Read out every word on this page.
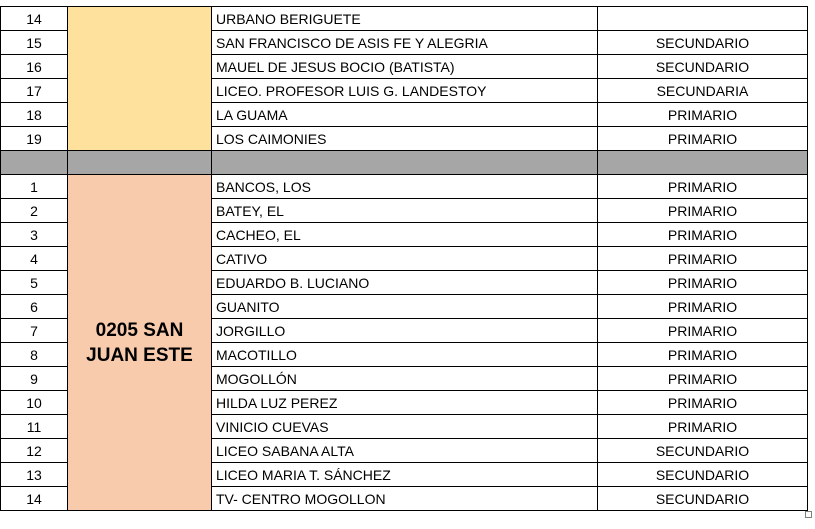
14		URBANO BERIGUETE	
15		SAN FRANCISCO DE ASIS FE Y ALEGRIA	SECUNDARIO
16		MAUEL DE JESUS BOCIO (BATISTA)	SECUNDARIO
17		LICEO. PROFESOR LUIS G. LANDESTOY	SECUNDARIA
18		LA GUAMA	PRIMARIO
19		LOS CAIMONIES	PRIMARIO

1	0205 SAN JUAN ESTE	BANCOS, LOS	PRIMARIO
2		BATEY, EL	PRIMARIO
3		CACHEO, EL	PRIMARIO
4		CATIVO	PRIMARIO
5		EDUARDO B. LUCIANO	PRIMARIO
6		GUANITO	PRIMARIO
7		JORGILLO	PRIMARIO
8		MACOTILLO	PRIMARIO
9		MOGOLLÓN	PRIMARIO
10		HILDA LUZ PEREZ	PRIMARIO
11		VINICIO CUEVAS	PRIMARIO
12		LICEO SABANA ALTA	SECUNDARIO
13		LICEO MARIA T. SÁNCHEZ	SECUNDARIO
14		TV- CENTRO MOGOLLON	SECUNDARIO
